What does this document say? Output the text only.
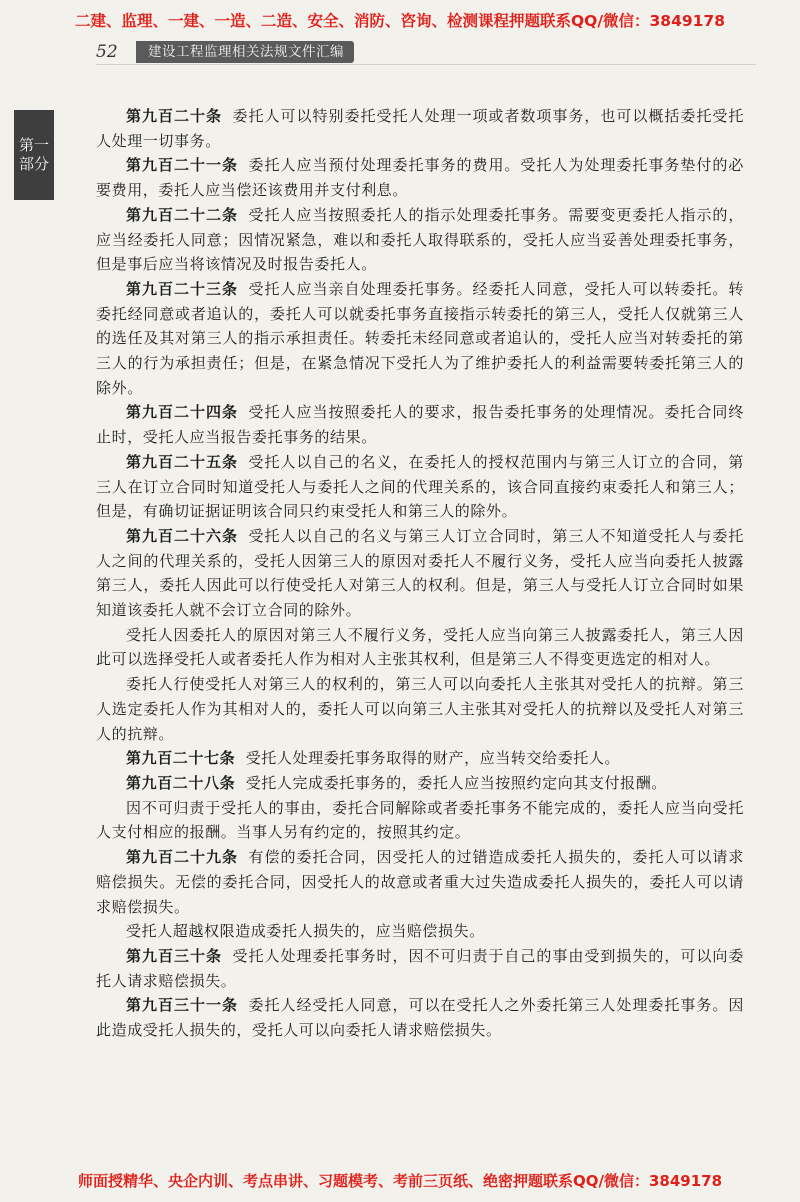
二建、监理、一建、一造、二造、安全、消防、咨询、检测课程押题联系QQ/微信：3849178
52	建设工程监理相关法规文件汇编
第一部分

第九百二十条 委托人可以特别委托受托人处理一项或者数项事务，也可以概括委托受托人处理一切事务。

第九百二十一条 委托人应当预付处理委托事务的费用。受托人为处理委托事务垫付的必要费用，委托人应当偿还该费用并支付利息。

第九百二十二条 受托人应当按照委托人的指示处理委托事务。需要变更委托人指示的，应当经委托人同意；因情况紧急，难以和委托人取得联系的，受托人应当妥善处理委托事务，但是事后应当将该情况及时报告委托人。

第九百二十三条 受托人应当亲自处理委托事务。经委托人同意，受托人可以转委托。转委托经同意或者追认的，委托人可以就委托事务直接指示转委托的第三人，受托人仅就第三人的选任及其对第三人的指示承担责任。转委托未经同意或者追认的，受托人应当对转委托的第三人的行为承担责任；但是，在紧急情况下受托人为了维护委托人的利益需要转委托第三人的除外。

第九百二十四条 受托人应当按照委托人的要求，报告委托事务的处理情况。委托合同终止时，受托人应当报告委托事务的结果。

第九百二十五条 受托人以自己的名义，在委托人的授权范围内与第三人订立的合同，第三人在订立合同时知道受托人与委托人之间的代理关系的，该合同直接约束委托人和第三人；但是，有确切证据证明该合同只约束受托人和第三人的除外。

第九百二十六条 受托人以自己的名义与第三人订立合同时，第三人不知道受托人与委托人之间的代理关系的，受托人因第三人的原因对委托人不履行义务，受托人应当向委托人披露第三人，委托人因此可以行使受托人对第三人的权利。但是，第三人与受托人订立合同时如果知道该委托人就不会订立合同的除外。

受托人因委托人的原因对第三人不履行义务，受托人应当向第三人披露委托人，第三人因此可以选择受托人或者委托人作为相对人主张其权利，但是第三人不得变更选定的相对人。

委托人行使受托人对第三人的权利的，第三人可以向委托人主张其对受托人的抗辩。第三人选定委托人作为其相对人的，委托人可以向第三人主张其对受托人的抗辩以及受托人对第三人的抗辩。

第九百二十七条 受托人处理委托事务取得的财产，应当转交给委托人。

第九百二十八条 受托人完成委托事务的，委托人应当按照约定向其支付报酬。

因不可归责于受托人的事由，委托合同解除或者委托事务不能完成的，委托人应当向受托人支付相应的报酬。当事人另有约定的，按照其约定。

第九百二十九条 有偿的委托合同，因受托人的过错造成委托人损失的，委托人可以请求赔偿损失。无偿的委托合同，因受托人的故意或者重大过失造成委托人损失的，委托人可以请求赔偿损失。

受托人超越权限造成委托人损失的，应当赔偿损失。

第九百三十条 受托人处理委托事务时，因不可归责于自己的事由受到损失的，可以向委托人请求赔偿损失。

第九百三十一条 委托人经受托人同意，可以在受托人之外委托第三人处理委托事务。因此造成受托人损失的，受托人可以向委托人请求赔偿损失。

师面授精华、央企内训、考点串讲、习题模考、考前三页纸、绝密押题联系QQ/微信：3849178
